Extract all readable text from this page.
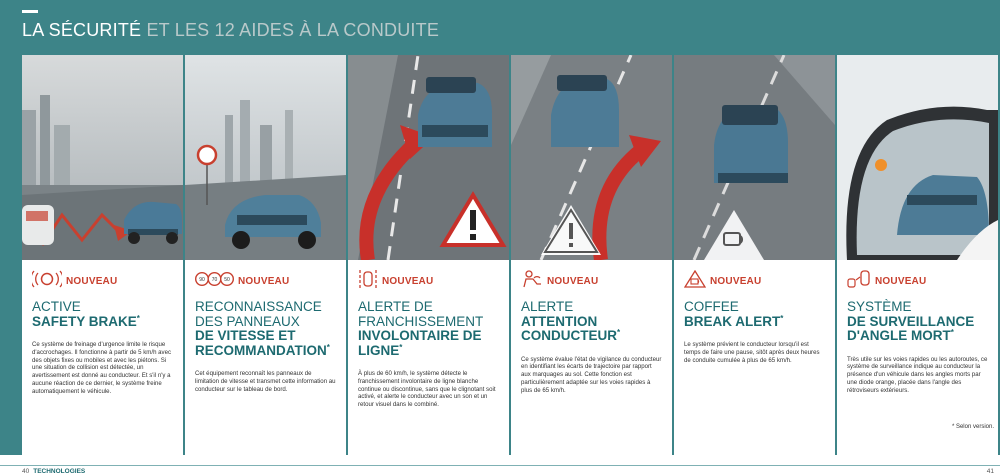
LA SÉCURITÉ ET LES 12 AIDES À LA CONDUITE
NOUVEAU
ACTIVE
SAFETY BRAKE*

Ce système de freinage d'urgence limite le risque d'accrochages. Il fonctionne à partir de 5 km/h avec des objets fixes ou mobiles et avec les piétons. Si une situation de collision est détectée, un avertissement est donné au conducteur. Et s'il n'y a aucune réaction de ce dernier, le système freine automatiquement le véhicule.

90 70 50 NOUVEAU
RECONNAISSANCE DES PANNEAUX
DE VITESSE ET RECOMMANDATION*

Cet équipement reconnaît les panneaux de limitation de vitesse et transmet cette information au conducteur sur le tableau de bord.

NOUVEAU
ALERTE DE FRANCHISSEMENT
INVOLONTAIRE DE LIGNE*

À plus de 60 km/h, le système détecte le franchissement involontaire de ligne blanche continue ou discontinue, sans que le clignotant soit activé, et alerte le conducteur avec un son et un retour visuel dans le combiné.

NOUVEAU
ALERTE
ATTENTION CONDUCTEUR*

Ce système évalue l'état de vigilance du conducteur en identifiant les écarts de trajectoire par rapport aux marquages au sol. Cette fonction est particulièrement adaptée sur les voies rapides à plus de 65 km/h.

NOUVEAU
COFFEE
BREAK ALERT*

Le système prévient le conducteur lorsqu'il est temps de faire une pause, sitôt après deux heures de conduite cumulée à plus de 65 km/h.

NOUVEAU
SYSTÈME
DE SURVEILLANCE D'ANGLE MORT*

Très utile sur les voies rapides ou les autoroutes, ce système de surveillance indique au conducteur la présence d'un véhicule dans les angles morts par une diode orange, placée dans l'angle des rétroviseurs extérieurs.

* Selon version.
40 TECHNOLOGIES	41
